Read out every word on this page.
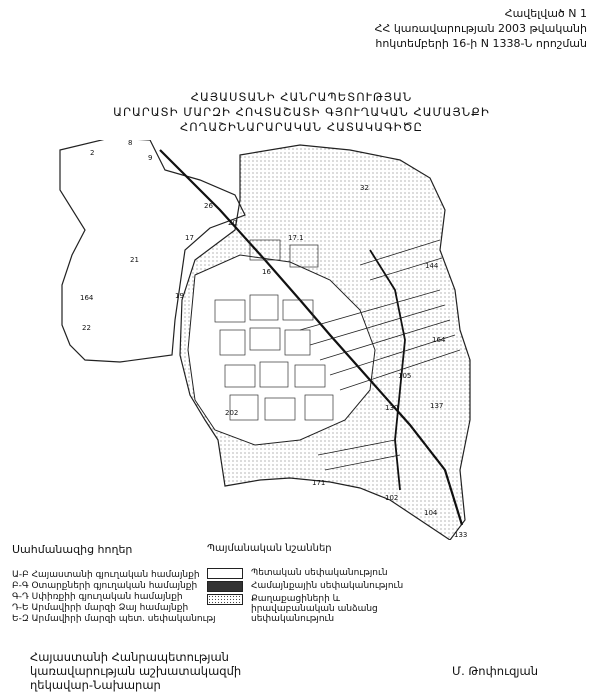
Հավելված N 1
ՀՀ կառավարության 2003 թվականի
հոկտեմբերի 16-ի N 1338-Ն որոշման
ՀԱՅԱՍՏԱՆԻ ՀԱՆՐԱՊԵՏՈՒԹՅԱՆ
ԱՐԱՐԱՏԻ ՄԱՐԶԻ ՀՈՎՏԱՇԱՏԻ ԳՅՈՒՂԱԿԱՆ ՀԱՄԱՅՆՔԻ
ՀՈՂԱՇԻՆԱՐԱՐԱԿԱՆ ՀԱՏԱԿԱԳԻԾԸ
21
164
22
17
19
20
26
17.1
32
144
164
137
130
105
171
102
104
133
202
16
2
8
9
Սահմանազից հողեր
Ա-Բ Հայաստանի գյուղական համայնքի
Բ-Գ Օտարքների գյուղական համայնքի
Գ-Դ Սփիռքիի գյուղական համայնքի
Դ-Ե Արմավիրի մարզի Ձայ համայնքի
Ե-Զ Արմավիրի մարզի պետ. սեփականությ
Պայմանական նշաններ
Պետական սեփականություն
Համայնքային սեփականություն
Քաղաքացիների և իրավաբանական անձանց սեփականություն
Հայաստանի Հանրապետության
կառավարության աշխատակազմի
ղեկավար-Նախարար
Մ. Թոփուզյան
